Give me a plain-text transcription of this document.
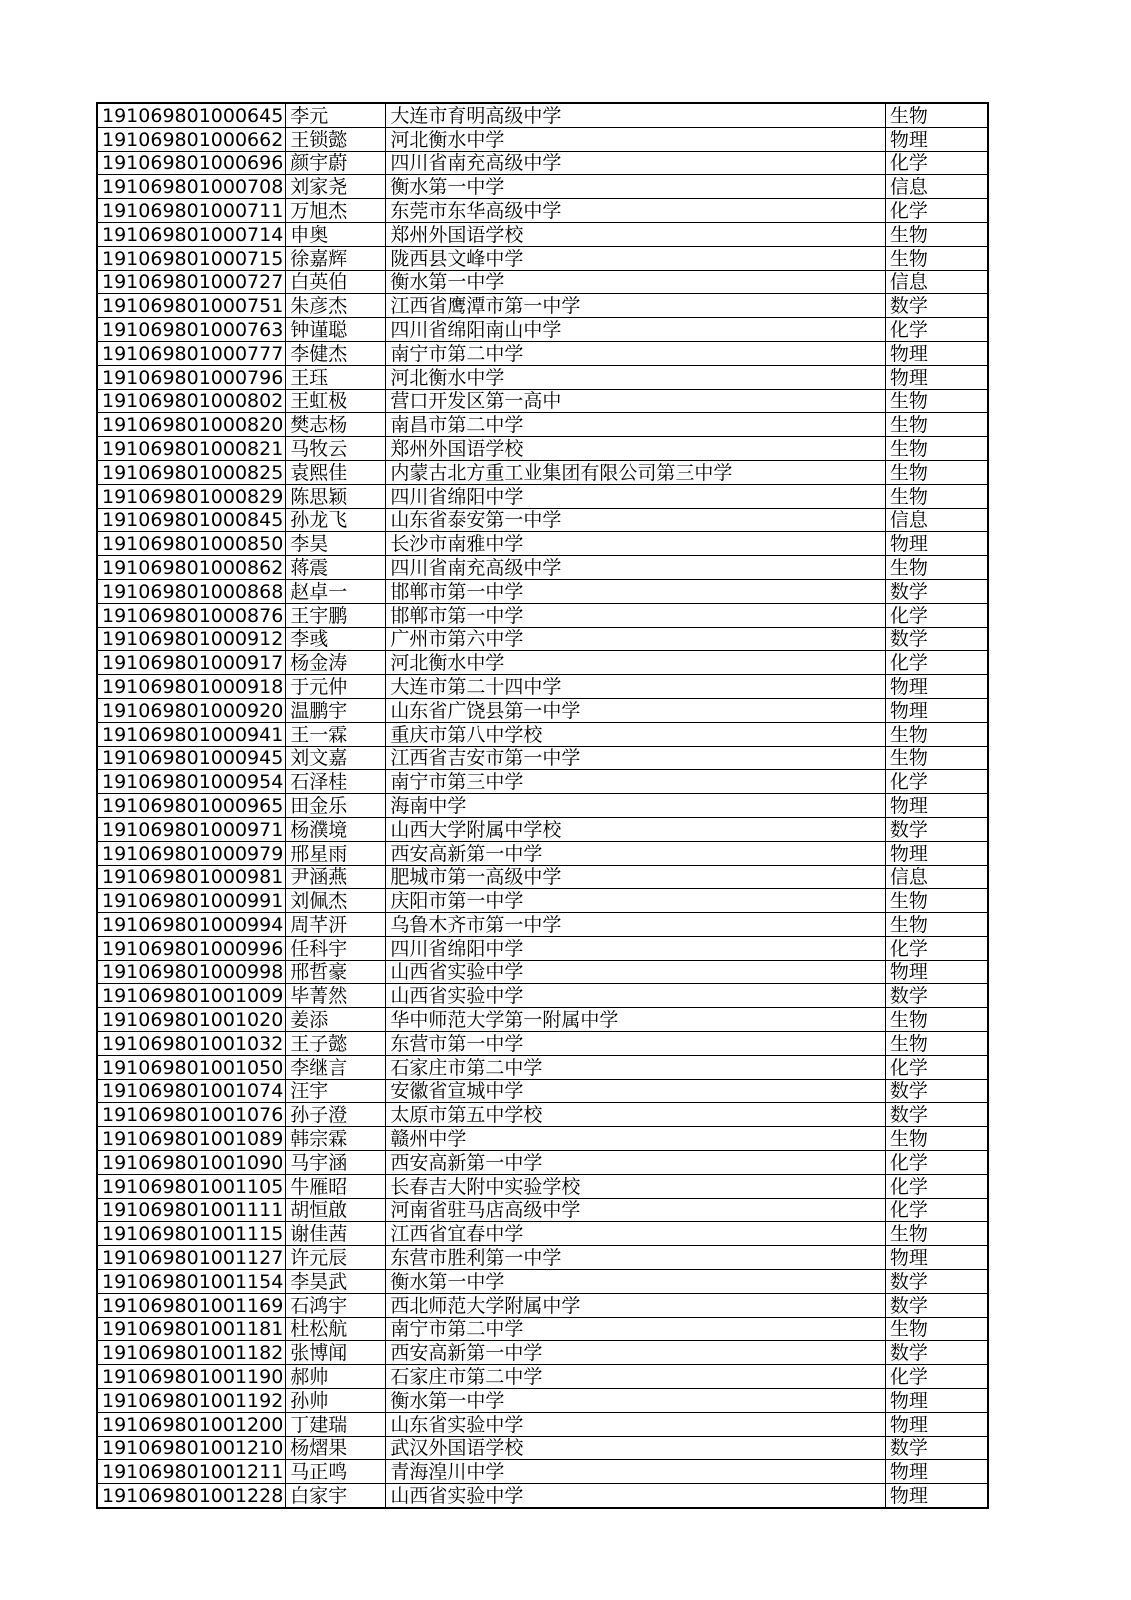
191069801000645	李元	大连市育明高级中学	生物
191069801000662	王锁懿	河北衡水中学	物理
191069801000696	颜宇蔚	四川省南充高级中学	化学
191069801000708	刘家尧	衡水第一中学	信息
191069801000711	万旭杰	东莞市东华高级中学	化学
191069801000714	申奥	郑州外国语学校	生物
191069801000715	徐嘉辉	陇西县文峰中学	生物
191069801000727	白英伯	衡水第一中学	信息
191069801000751	朱彦杰	江西省鹰潭市第一中学	数学
191069801000763	钟谨聪	四川省绵阳南山中学	化学
191069801000777	李健杰	南宁市第二中学	物理
191069801000796	王珏	河北衡水中学	物理
191069801000802	王虹极	营口开发区第一高中	生物
191069801000820	樊志杨	南昌市第二中学	生物
191069801000821	马牧云	郑州外国语学校	生物
191069801000825	袁熙佳	内蒙古北方重工业集团有限公司第三中学	生物
191069801000829	陈思颖	四川省绵阳中学	生物
191069801000845	孙龙飞	山东省泰安第一中学	信息
191069801000850	李昊	长沙市南雅中学	物理
191069801000862	蒋震	四川省南充高级中学	生物
191069801000868	赵卓一	邯郸市第一中学	数学
191069801000876	王宇鹏	邯郸市第一中学	化学
191069801000912	李彧	广州市第六中学	数学
191069801000917	杨金涛	河北衡水中学	化学
191069801000918	于元仲	大连市第二十四中学	物理
191069801000920	温鹏宇	山东省广饶县第一中学	物理
191069801000941	王一霖	重庆市第八中学校	生物
191069801000945	刘文嘉	江西省吉安市第一中学	生物
191069801000954	石泽桂	南宁市第三中学	化学
191069801000965	田金乐	海南中学	物理
191069801000971	杨濮境	山西大学附属中学校	数学
191069801000979	邢星雨	西安高新第一中学	物理
191069801000981	尹涵燕	肥城市第一高级中学	信息
191069801000991	刘佩杰	庆阳市第一中学	生物
191069801000994	周芊汧	乌鲁木齐市第一中学	生物
191069801000996	任科宇	四川省绵阳中学	化学
191069801000998	邢哲豪	山西省实验中学	物理
191069801001009	毕菁然	山西省实验中学	数学
191069801001020	姜添	华中师范大学第一附属中学	生物
191069801001032	王子懿	东营市第一中学	生物
191069801001050	李继言	石家庄市第二中学	化学
191069801001074	汪宇	安徽省宣城中学	数学
191069801001076	孙子澄	太原市第五中学校	数学
191069801001089	韩宗霖	赣州中学	生物
191069801001090	马宇涵	西安高新第一中学	化学
191069801001105	牛雁昭	长春吉大附中实验学校	化学
191069801001111	胡恒啟	河南省驻马店高级中学	化学
191069801001115	谢佳茜	江西省宜春中学	生物
191069801001127	许元辰	东营市胜利第一中学	物理
191069801001154	李昊武	衡水第一中学	数学
191069801001169	石鸿宇	西北师范大学附属中学	数学
191069801001181	杜松航	南宁市第二中学	生物
191069801001182	张博闻	西安高新第一中学	数学
191069801001190	郝帅	石家庄市第二中学	化学
191069801001192	孙帅	衡水第一中学	物理
191069801001200	丁建瑞	山东省实验中学	物理
191069801001210	杨熠果	武汉外国语学校	数学
191069801001211	马正鸣	青海湟川中学	物理
191069801001228	白家宇	山西省实验中学	物理
